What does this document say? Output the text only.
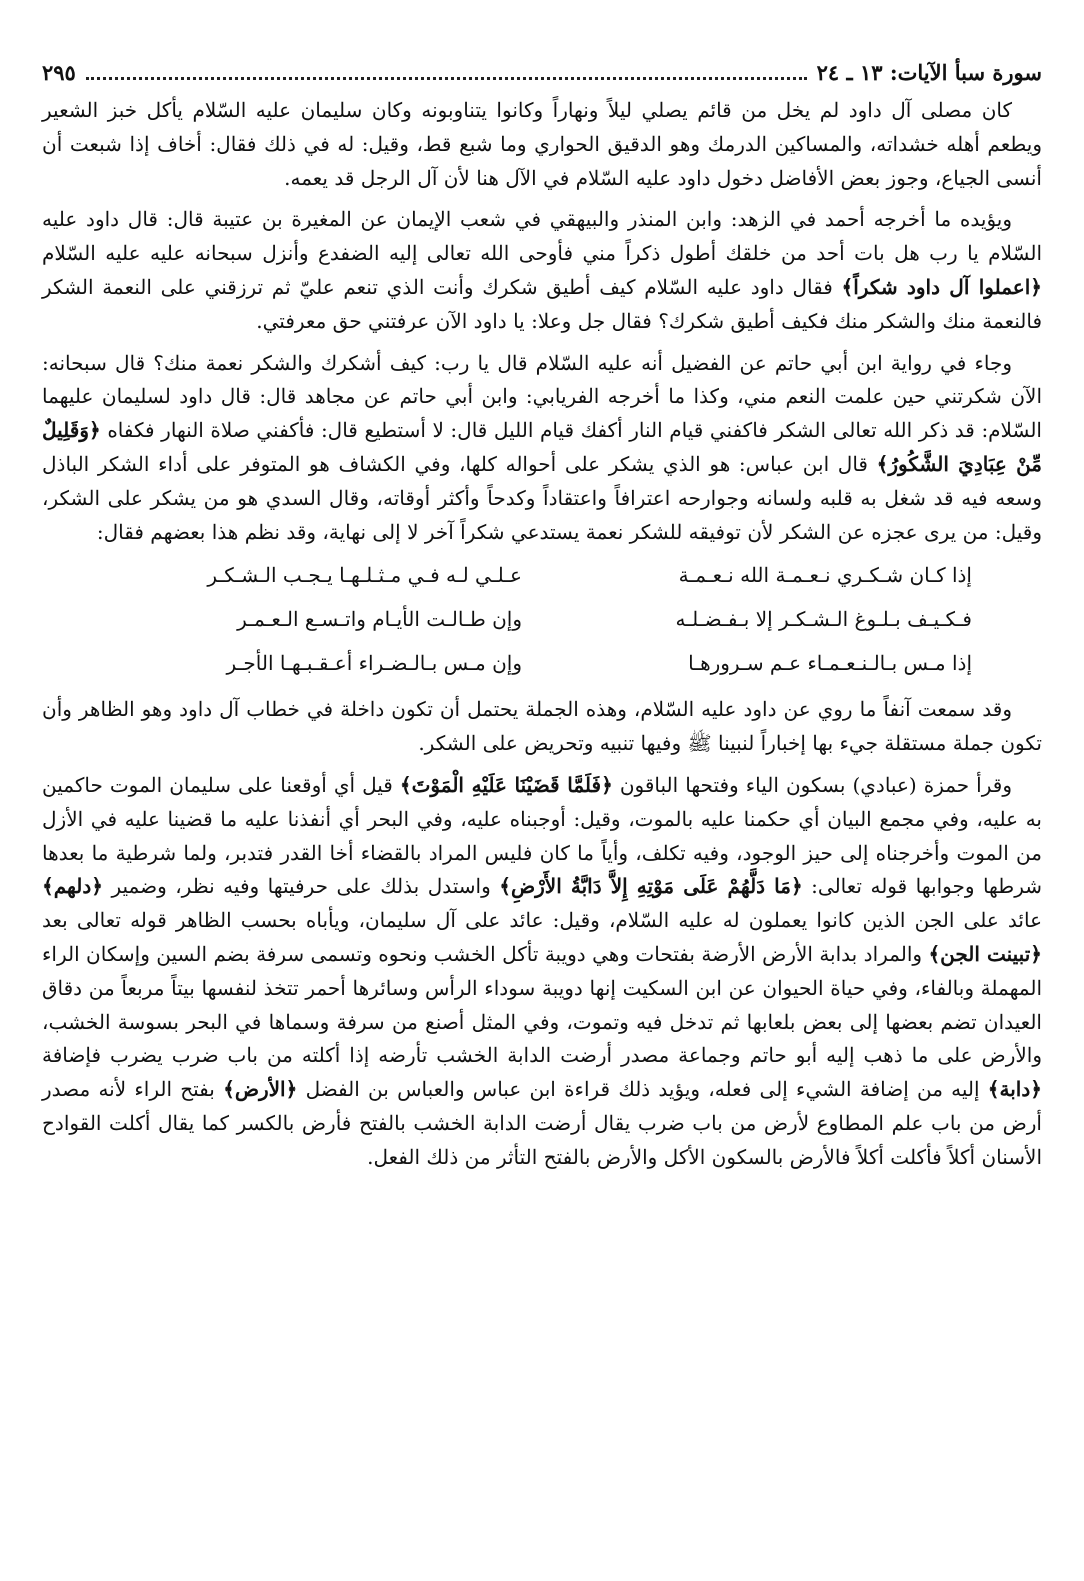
سورة سبأ الآيات: ١٣ ـ ٢٤
٢٩٥

كان مصلى آل داود لم يخل من قائم يصلي ليلاً ونهاراً وكانوا يتناوبونه وكان سليمان عليه السّلام يأكل خبز الشعير ويطعم أهله خشداته، والمساكين الدرمك وهو الدقيق الحواري وما شبع قط، وقيل: له في ذلك فقال: أخاف إذا شبعت أن أنسى الجياع، وجوز بعض الأفاضل دخول داود عليه السّلام في الآل هنا لأن آل الرجل قد يعمه.

ويؤيده ما أخرجه أحمد في الزهد: وابن المنذر والبيهقي في شعب الإيمان عن المغيرة بن عتيبة قال: قال داود عليه السّلام يا رب هل بات أحد من خلقك أطول ذكراً مني فأوحى الله تعالى إليه الضفدع وأنزل سبحانه عليه عليه السّلام ﴿اعملوا آل داود شكراً﴾ فقال داود عليه السّلام كيف أطيق شكرك وأنت الذي تنعم عليّ ثم ترزقني على النعمة الشكر فالنعمة منك والشكر منك فكيف أطيق شكرك؟ فقال جل وعلا: يا داود الآن عرفتني حق معرفتي.

وجاء في رواية ابن أبي حاتم عن الفضيل أنه عليه السّلام قال يا رب: كيف أشكرك والشكر نعمة منك؟ قال سبحانه: الآن شكرتني حين علمت النعم مني، وكذا ما أخرجه الفريابي: وابن أبي حاتم عن مجاهد قال: قال داود لسليمان عليهما السّلام: قد ذكر الله تعالى الشكر فاكفني قيام النار أكفك قيام الليل قال: لا أستطيع قال: فأكفني صلاة النهار فكفاه ﴿وَقَلِيلٌ مِّنْ عِبَادِيَ الشَّكُورُ﴾ قال ابن عباس: هو الذي يشكر على أحواله كلها، وفي الكشاف هو المتوفر على أداء الشكر الباذل وسعه فيه قد شغل به قلبه ولسانه وجوارحه اعترافاً واعتقاداً وكدحاً وأكثر أوقاته، وقال السدي هو من يشكر على الشكر، وقيل: من يرى عجزه عن الشكر لأن توفيقه للشكر نعمة يستدعي شكراً آخر لا إلى نهاية، وقد نظم هذا بعضهم فقال:

إذا كـان شـكـري نـعـمـة الله نـعـمـة
عـلـي لـه فـي مـثـلـهـا يـجـب الـشـكـر
فـكـيـف بـلـوغ الـشـكـر إلا بـفـضـلـه
وإن طـالـت الأيـام واتـسـع الـعـمـر
إذا مـس بـالـنـعـمـاء عـم سـرورهـا
وإن مـس بـالـضـراء أعـقـبـهـا الأجـر

وقد سمعت آنفاً ما روي عن داود عليه السّلام، وهذه الجملة يحتمل أن تكون داخلة في خطاب آل داود وهو الظاهر وأن تكون جملة مستقلة جيء بها إخباراً لنبينا ﷺ وفيها تنبيه وتحريض على الشكر.

وقرأ حمزة (عبادي) بسكون الياء وفتحها الباقون ﴿فَلَمَّا قَضَيْنَا عَلَيْهِ الْمَوْتَ﴾ قيل أي أوقعنا على سليمان الموت حاكمين به عليه، وفي مجمع البيان أي حكمنا عليه بالموت، وقيل: أوجبناه عليه، وفي البحر أي أنفذنا عليه ما قضينا عليه في الأزل من الموت وأخرجناه إلى حيز الوجود، وفيه تكلف، وأياً ما كان فليس المراد بالقضاء أخا القدر فتدبر، ولما شرطية ما بعدها شرطها وجوابها قوله تعالى: ﴿مَا دَلَّهُمْ عَلَى مَوْتِهِ إِلاَّ دَابَّةُ الأَرْضِ﴾ واستدل بذلك على حرفيتها وفيه نظر، وضمير ﴿دلهم﴾ عائد على الجن الذين كانوا يعملون له عليه السّلام، وقيل: عائد على آل سليمان، ويأباه بحسب الظاهر قوله تعالى بعد ﴿تبينت الجن﴾ والمراد بدابة الأرض الأرضة بفتحات وهي دويبة تأكل الخشب ونحوه وتسمى سرفة بضم السين وإسكان الراء المهملة وبالفاء، وفي حياة الحيوان عن ابن السكيت إنها دويبة سوداء الرأس وسائرها أحمر تتخذ لنفسها بيتاً مربعاً من دقاق العيدان تضم بعضها إلى بعض بلعابها ثم تدخل فيه وتموت، وفي المثل أصنع من سرفة وسماها في البحر بسوسة الخشب، والأرض على ما ذهب إليه أبو حاتم وجماعة مصدر أرضت الدابة الخشب تأرضه إذا أكلته من باب ضرب يضرب فإضافة ﴿دابة﴾ إليه من إضافة الشيء إلى فعله، ويؤيد ذلك قراءة ابن عباس والعباس بن الفضل ﴿الأرض﴾ بفتح الراء لأنه مصدر أرض من باب علم المطاوع لأرض من باب ضرب يقال أرضت الدابة الخشب بالفتح فأرض بالكسر كما يقال أكلت القوادح الأسنان أكلاً فأكلت أكلاً فالأرض بالسكون الأكل والأرض بالفتح التأثر من ذلك الفعل.
